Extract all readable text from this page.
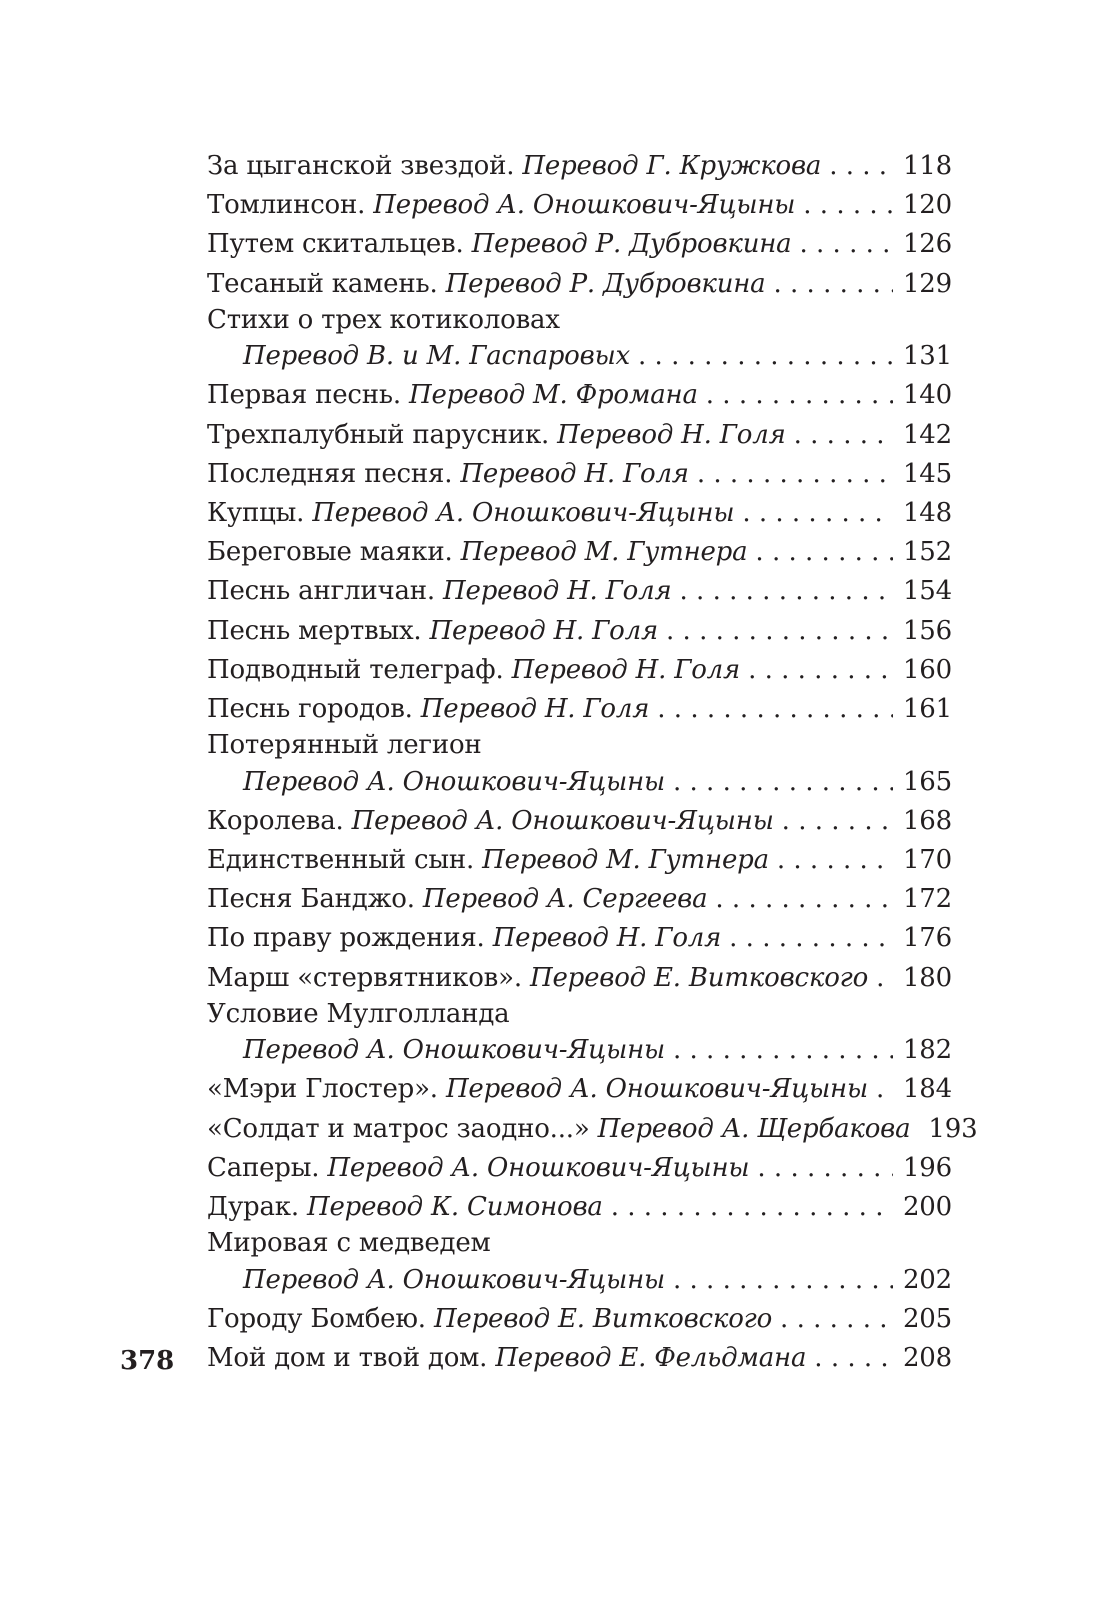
За цыганской звездой. Перевод Г. Кружкова . . .	118
Томлинсон. Перевод А. Оношкович-Яцыны . . .	120
Путем скитальцев. Перевод Р. Дубровкина . . .	126
Тесаный камень. Перевод Р. Дубровкина . . .	129
Стихи о трех котиколовах
Перевод В. и М. Гаспаровых . . .	131
Первая песнь. Перевод М. Фромана . . .	140
Трехпалубный парусник. Перевод Н. Голя . . .	142
Последняя песня. Перевод Н. Голя . . .	145
Купцы. Перевод А. Оношкович-Яцыны . . .	148
Береговые маяки. Перевод М. Гутнера . . .	152
Песнь англичан. Перевод Н. Голя . . .	154
Песнь мертвых. Перевод Н. Голя . . .	156
Подводный телеграф. Перевод Н. Голя . . .	160
Песнь городов. Перевод Н. Голя . . .	161
Потерянный легион
Перевод А. Оношкович-Яцыны . . .	165
Королева. Перевод А. Оношкович-Яцыны . . .	168
Единственный сын. Перевод М. Гутнера . . .	170
Песня Банджо. Перевод А. Сергеева . . .	172
По праву рождения. Перевод Н. Голя . . .	176
Марш «стервятников». Перевод Е. Витковского . . .	180
Условие Мулголланда
Перевод А. Оношкович-Яцыны . . .	182
«Мэри Глостер». Перевод А. Оношкович-Яцыны . . .	184
«Солдат и матрос заодно...» Перевод А. Щербакова . . . 193
Саперы. Перевод А. Оношкович-Яцыны . . .	196
Дурак. Перевод К. Симонова . . .	200
Мировая с медведем
Перевод А. Оношкович-Яцыны . . .	202
Городу Бомбею. Перевод Е. Витковского . . .	205
Мой дом и твой дом. Перевод Е. Фельдмана . . .	208
378
